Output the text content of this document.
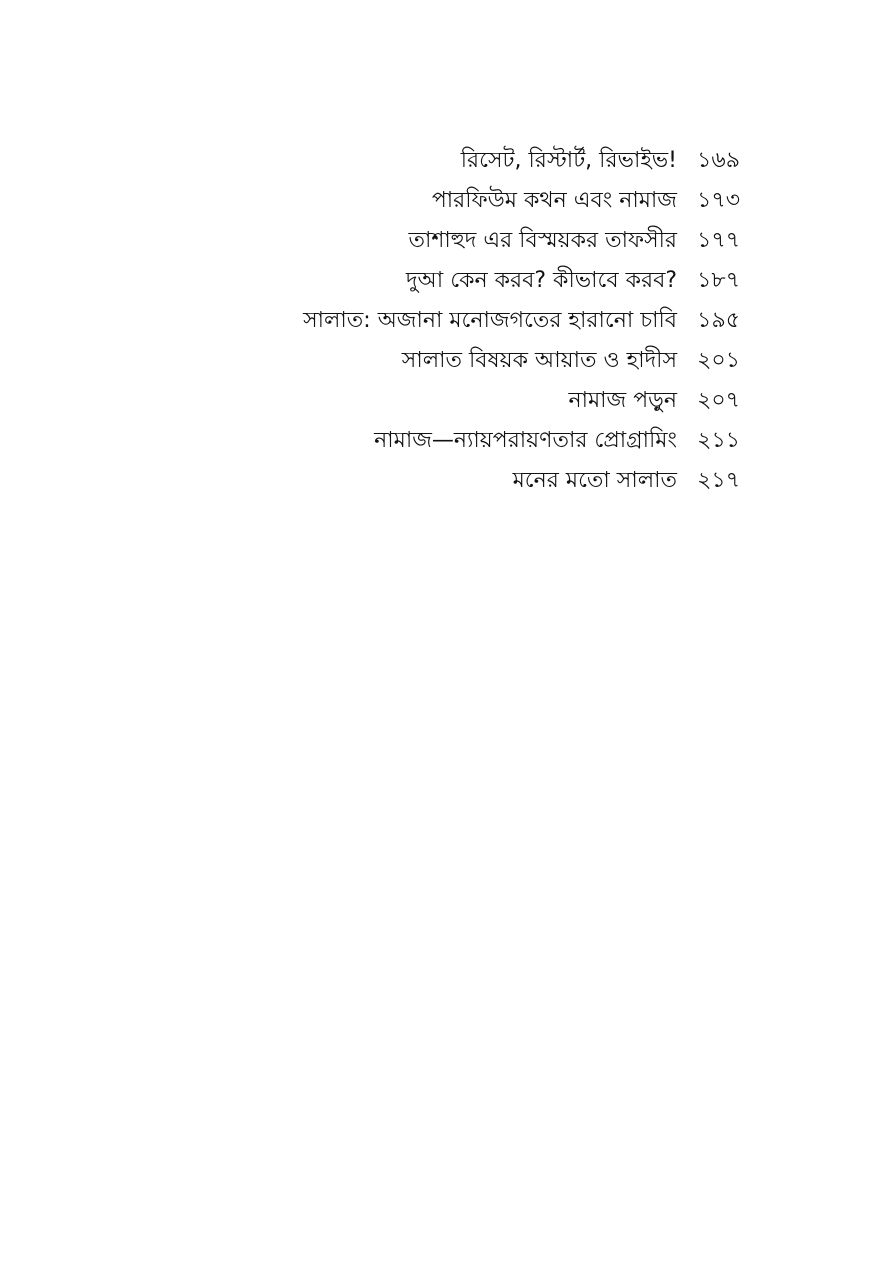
রিসেট, রিস্টার্ট, রিভাইভ! ১৬৯
পারফিউম কথন এবং নামাজ ১৭৩
তাশাহুদ এর বিস্ময়কর তাফসীর ১৭৭
দুআ কেন করব? কীভাবে করব? ১৮৭
সালাত: অজানা মনোজগতের হারানো চাবি ১৯৫
সালাত বিষয়ক আয়াত ও হাদীস ২০১
নামাজ পড়ুন ২০৭
নামাজ—ন্যায়পরায়ণতার প্রোগ্রামিং ২১১
মনের মতো সালাত ২১৭
